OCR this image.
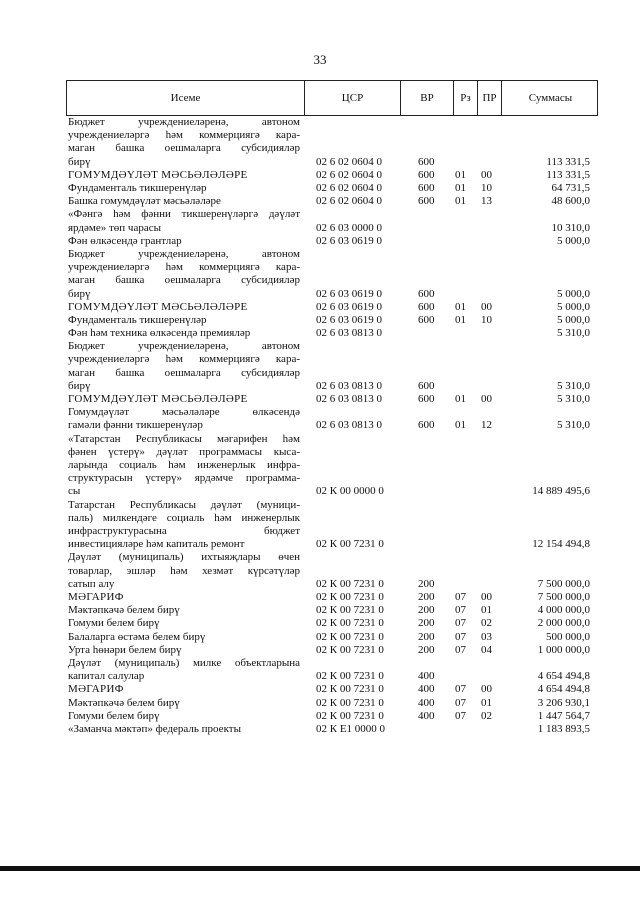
33
Исеме	ЦСР	ВР	Рз	ПР	Суммасы
Бюджет учреждениеләренә, автоном
учреждениеләргә һәм коммерциягә кара-
маган башка оешмаларга субсидияләр
бирү	02 6 02 0604 0	600	113 331,5
ГОМУМДӘҮЛӘТ МӘСЬӘЛӘЛӘРЕ	02 6 02 0604 0	600 01 00	113 331,5
Фундаменталь тикшеренүләр	02 6 02 0604 0	600 01 10	64 731,5
Башка гомумдәүләт мәсьәләләре	02 6 02 0604 0	600 01 13	48 600,0
«Фәнгә һәм фәнни тикшеренүләргә дәүләт
ярдәме» төп чарасы	02 6 03 0000 0	10 310,0
Фән өлкәсендә грантлар	02 6 03 0619 0	5 000,0
Бюджет учреждениеләренә, автоном
учреждениеләргә һәм коммерциягә кара-
маган башка оешмаларга субсидияләр
бирү	02 6 03 0619 0	600	5 000,0
ГОМУМДӘҮЛӘТ МӘСЬӘЛӘЛӘРЕ	02 6 03 0619 0	600 01 00	5 000,0
Фундаменталь тикшеренүләр	02 6 03 0619 0	600 01 10	5 000,0
Фән һәм техника өлкәсендә премияләр	02 6 03 0813 0	5 310,0
Бюджет учреждениеләренә, автоном
учреждениеләргә һәм коммерциягә кара-
маган башка оешмаларга субсидияләр
бирү	02 6 03 0813 0	600	5 310,0
ГОМУМДӘҮЛӘТ МӘСЬӘЛӘЛӘРЕ	02 6 03 0813 0	600 01 00	5 310,0
Гомумдәүләт мәсьәләләре өлкәсендә
гамәли фәнни тикшеренүләр	02 6 03 0813 0	600 01 12	5 310,0
«Татарстан Республикасы мәгарифен һәм
фәнен үстерү» дәүләт программасы кыса-
ларында социаль һәм инженерлык инфра-
структурасын үстерү» ярдәмче программа-
сы	02 К 00 0000 0	14 889 495,6
Татарстан Республикасы дәүләт (муници-
паль) милкендәге социаль һәм инженерлык
инфраструктурасына бюджет
инвестицияләре һәм капиталь ремонт	02 К 00 7231 0	12 154 494,8
Дәүләт (муниципаль) ихтыяҗлары өчен
товарлар, эшләр һәм хезмәт күрсәтүләр
сатып алу	02 К 00 7231 0	200	7 500 000,0
МӘГАРИФ	02 К 00 7231 0	200 07 00	7 500 000,0
Мәктәпкәчә белем бирү	02 К 00 7231 0	200 07 01	4 000 000,0
Гомуми белем бирү	02 К 00 7231 0	200 07 02	2 000 000,0
Балаларга өстәмә белем бирү	02 К 00 7231 0	200 07 03	500 000,0
Урта һөнәри белем бирү	02 К 00 7231 0	200 07 04	1 000 000,0
Дәүләт (муниципаль) милке объектларына
капитал салулар	02 К 00 7231 0	400	4 654 494,8
МӘГАРИФ	02 К 00 7231 0	400 07 00	4 654 494,8
Мәктәпкәчә белем бирү	02 К 00 7231 0	400 07 01	3 206 930,1
Гомуми белем бирү	02 К 00 7231 0	400 07 02	1 447 564,7
«Заманча мәктәп» федераль проекты	02 К Е1 0000 0	1 183 893,5
